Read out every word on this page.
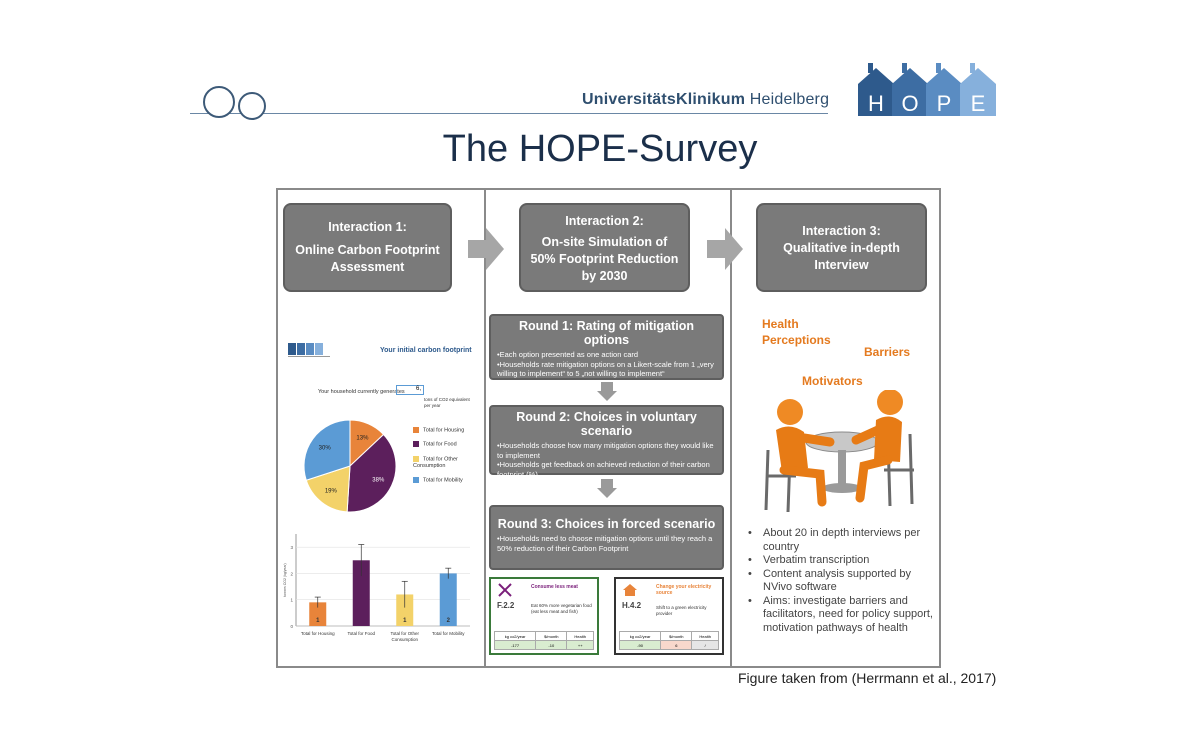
UniversitätsKlinikum Heidelberg H O P E
The HOPE-Survey
Interaction 1:
Online Carbon Footprint
Assessment
Your initial carbon footprint
Your household currently generates	6,
tons of CO2 equivalent
per year
13%
38%
19%
30%
Total for Housing
Total for Food
Total for Other Consumption
Total for Mobility
0
1
2
3
tonnes CO2 (kg/year)
1
Total for Housing	Total for Food
1
Total for Other
Consumption
2
Total for Mobility
Interaction 2:
On-site Simulation of
50% Footprint Reduction
by 2030
Round 1: Rating of mitigation options
•Each option presented as one action card
•Households rate mitigation options on a Likert-scale from 1 „very willing to implement“ to 5 „not willing to implement“
Round 2: Choices in voluntary scenario
•Households choose how many mitigation options they would like to implement
•Households get feedback on achieved reduction of their carbon footprint (%)
Round 3: Choices in forced scenario
•Households need to choose mitigation options until they reach a 50% reduction of their Carbon Footprint
Consume less meat
F.2.2	Eat 60% more vegetarian food (eat less meat and fish)
kg co2/year	$/month	Health
-177	-10	++
Change your electricity source
H.4.2	Shift to a green electricity provider
kg co2/year	$/month	Health
-90	6	/
Interaction 3:
Qualitative in-depth
Interview
Health
Perceptions
Barriers
Motivators
• About 20 in depth interviews per country
• Verbatim transcription
• Content analysis supported by NVivo software
• Aims: investigate barriers and facilitators, need for policy support, motivation pathways of health
Figure taken from (Herrmann et al., 2017)
